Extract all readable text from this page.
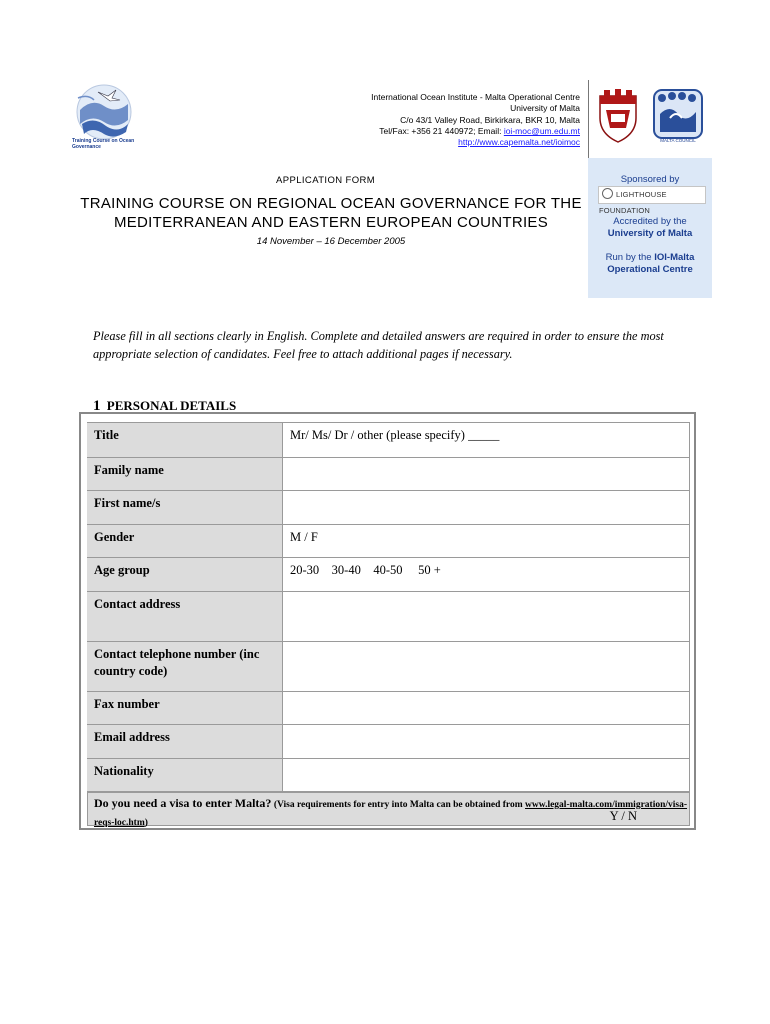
Training Course on Ocean Governance
International Ocean Institute - Malta Operational Centre
University of Malta
C/o 43/1 Valley Road, Birkirkara, BKR 10, Malta
Tel/Fax: +356 21 440972; Email: ioi-moc@um.edu.mt
http://www.capemalta.net/ioimoc	MALTA COUNCIL
Sponsored by
LIGHTHOUSE FOUNDATION
Accredited by the
University of Malta
Run by the IOI-Malta
Operational Centre
APPLICATION FORM
TRAINING COURSE ON REGIONAL OCEAN GOVERNANCE FOR THE MEDITERRANEAN AND EASTERN EUROPEAN COUNTRIES
14 November – 16 December 2005
Please fill in all sections clearly in English. Complete and detailed answers are required in order to ensure the most appropriate selection of candidates. Feel free to attach additional pages if necessary.
1 PERSONAL DETAILS
Title	Mr/ Ms/ Dr / other (please specify) _____
Family name
First name/s
Gender	M / F
Age group	20-30    30-40    40-50     50 +
Contact address
Contact telephone number (inc country code)
Fax number
Email address
Nationality
Do you need a visa to enter Malta? (Visa requirements for entry into Malta can be obtained from www.legal-malta.com/immigration/visa-reqs-loc.htm)	Y / N
